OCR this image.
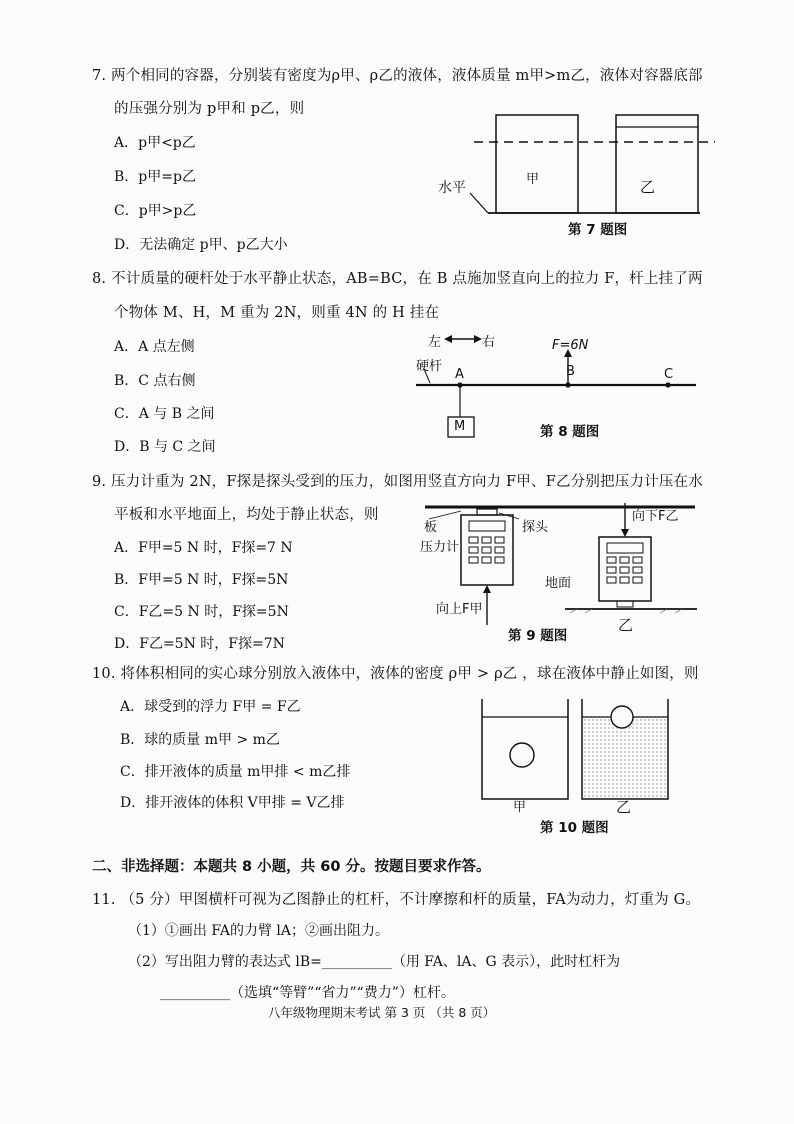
7. 两个相同的容器，分别装有密度为ρ甲、ρ乙的液体，液体质量 m甲>m乙，液体对容器底部
的压强分别为 p甲和 p乙，则
A．p甲<p乙
B．p甲=p乙
C．p甲>p乙
D．无法确定 p甲、p乙大小
水平
甲	乙
第 7 题图
8. 不计质量的硬杆处于水平静止状态，AB=BC，在 B 点施加竖直向上的拉力 F，杆上挂了两
个物体 M、H，M 重为 2N，则重 4N 的 H 挂在
A．A 点左侧
B．C 点右侧
C．A 与 B 之间
D．B 与 C 之间
左	右	F=6N
硬杆
A	B	C
M	第 8 题图
9. 压力计重为 2N，F探是探头受到的压力，如图用竖直方向力 F甲、F乙分别把压力计压在水
平板和水平地面上，均处于静止状态，则
A．F甲=5 N 时，F探=7 N
B．F甲=5 N 时，F探=5N
C．F乙=5 N 时，F探=5N
D．F乙=5N 时，F探=7N
板
压力计
探头
向下F乙
地面
向上F甲
乙
第 9 题图
10. 将体积相同的实心球分别放入液体中，液体的密度 ρ甲 > ρ乙 ，球在液体中静止如图，则
A．球受到的浮力 F甲 = F乙
B．球的质量 m甲 > m乙
C．排开液体的质量 m甲排 < m乙排
D．排开液体的体积 V甲排 = V乙排	甲	乙
第 10 题图
二、非选择题：本题共 8 小题，共 60 分。按题目要求作答。
11. （5 分）甲图横杆可视为乙图静止的杠杆，不计摩擦和杆的质量，FA为动力，灯重为 G。
（1）①画出 FA的力臂 lA；②画出阻力。
（2）写出阻力臂的表达式 lB=__________（用 FA、lA、G 表示），此时杠杆为
__________（选填“等臂”“省力”“费力”）杠杆。
八年级物理期末考试 第 3 页 （共 8 页）
